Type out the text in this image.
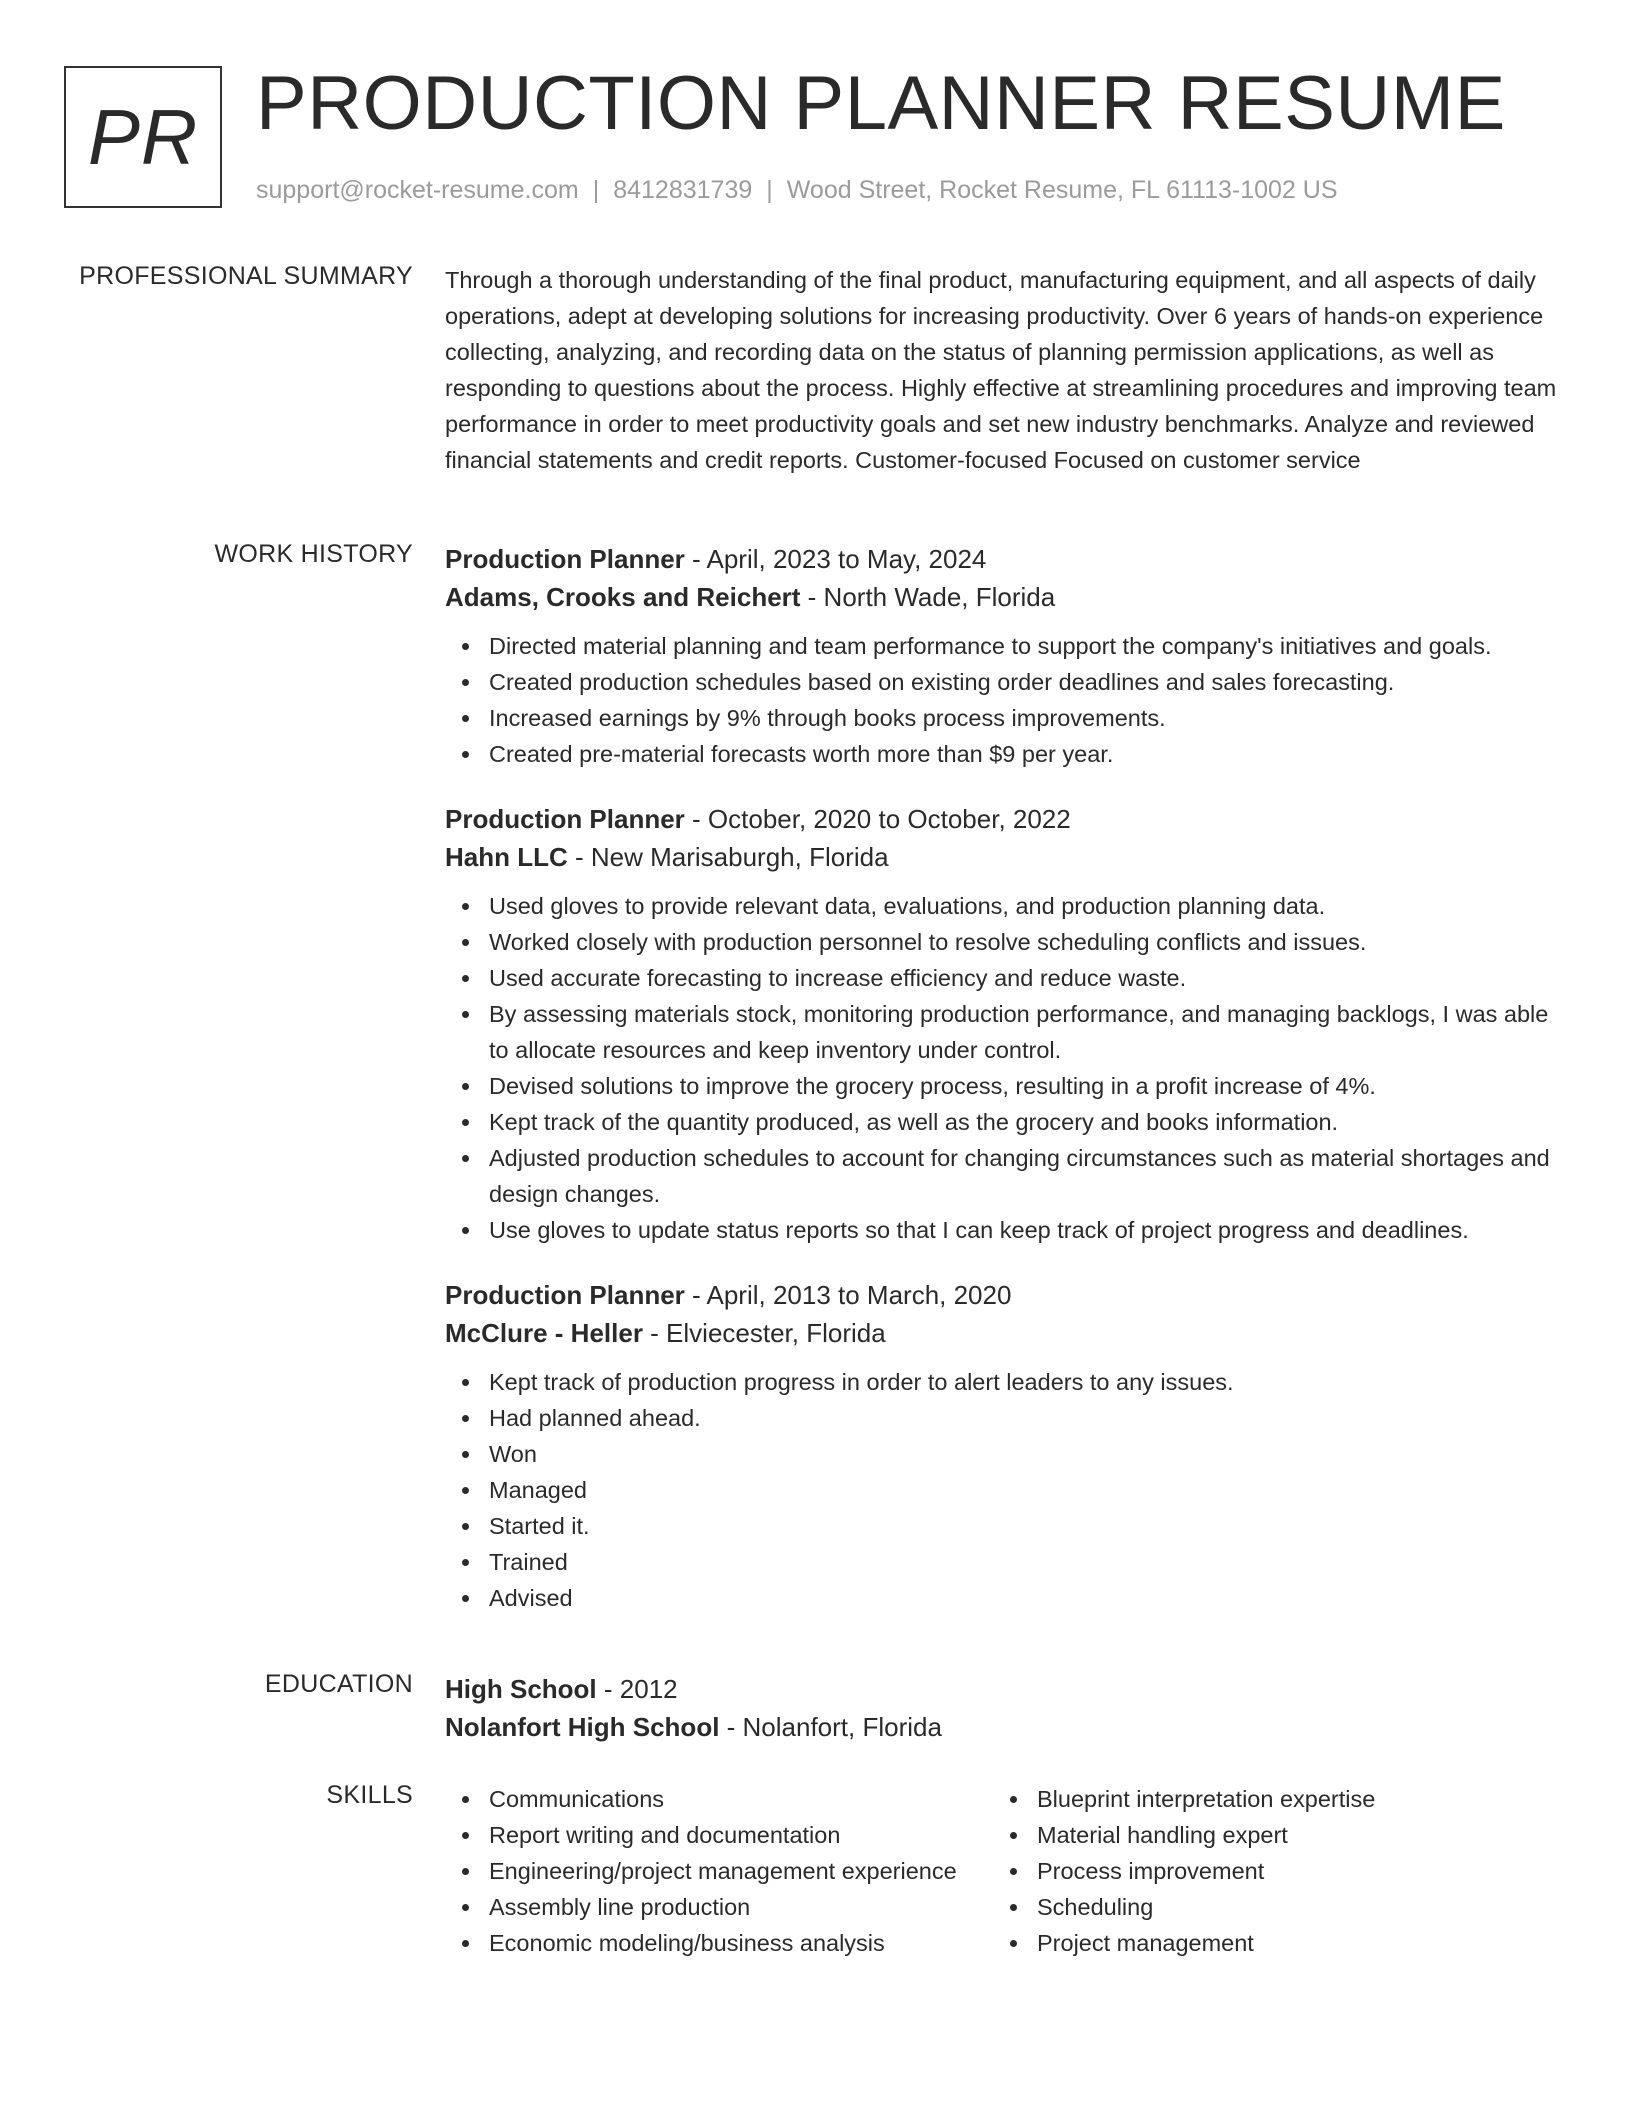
PR PRODUCTION PLANNER RESUME
support@rocket-resume.com | 8412831739 | Wood Street, Rocket Resume, FL 61113-1002 US
PROFESSIONAL SUMMARY Through a thorough understanding of the final product, manufacturing equipment, and all aspects of daily operations, adept at developing solutions for increasing productivity. Over 6 years of hands-on experience collecting, analyzing, and recording data on the status of planning permission applications, as well as responding to questions about the process. Highly effective at streamlining procedures and improving team performance in order to meet productivity goals and set new industry benchmarks. Analyze and reviewed financial statements and credit reports. Customer-focused Focused on customer service

WORK HISTORY Production Planner - April, 2023 to May, 2024
Adams, Crooks and Reichert - North Wade, Florida
Directed material planning and team performance to support the company's initiatives and goals.
Created production schedules based on existing order deadlines and sales forecasting.
Increased earnings by 9% through books process improvements.
Created pre-material forecasts worth more than $9 per year.
Production Planner - October, 2020 to October, 2022
Hahn LLC - New Marisaburgh, Florida
Used gloves to provide relevant data, evaluations, and production planning data.
Worked closely with production personnel to resolve scheduling conflicts and issues.
Used accurate forecasting to increase efficiency and reduce waste.
By assessing materials stock, monitoring production performance, and managing backlogs, I was able to allocate resources and keep inventory under control.
Devised solutions to improve the grocery process, resulting in a profit increase of 4%.
Kept track of the quantity produced, as well as the grocery and books information.
Adjusted production schedules to account for changing circumstances such as material shortages and design changes.
Use gloves to update status reports so that I can keep track of project progress and deadlines.
Production Planner - April, 2013 to March, 2020
McClure - Heller - Elviecester, Florida
Kept track of production progress in order to alert leaders to any issues.
Had planned ahead.
Won
Managed
Started it.
Trained
Advised
EDUCATION High School - 2012
Nolanfort High School - Nolanfort, Florida
SKILLS	Communications
Report writing and documentation
Engineering/project management experience
Assembly line production
Economic modeling/business analysis
Blueprint interpretation expertise
Material handling expert
Process improvement
Scheduling
Project management
